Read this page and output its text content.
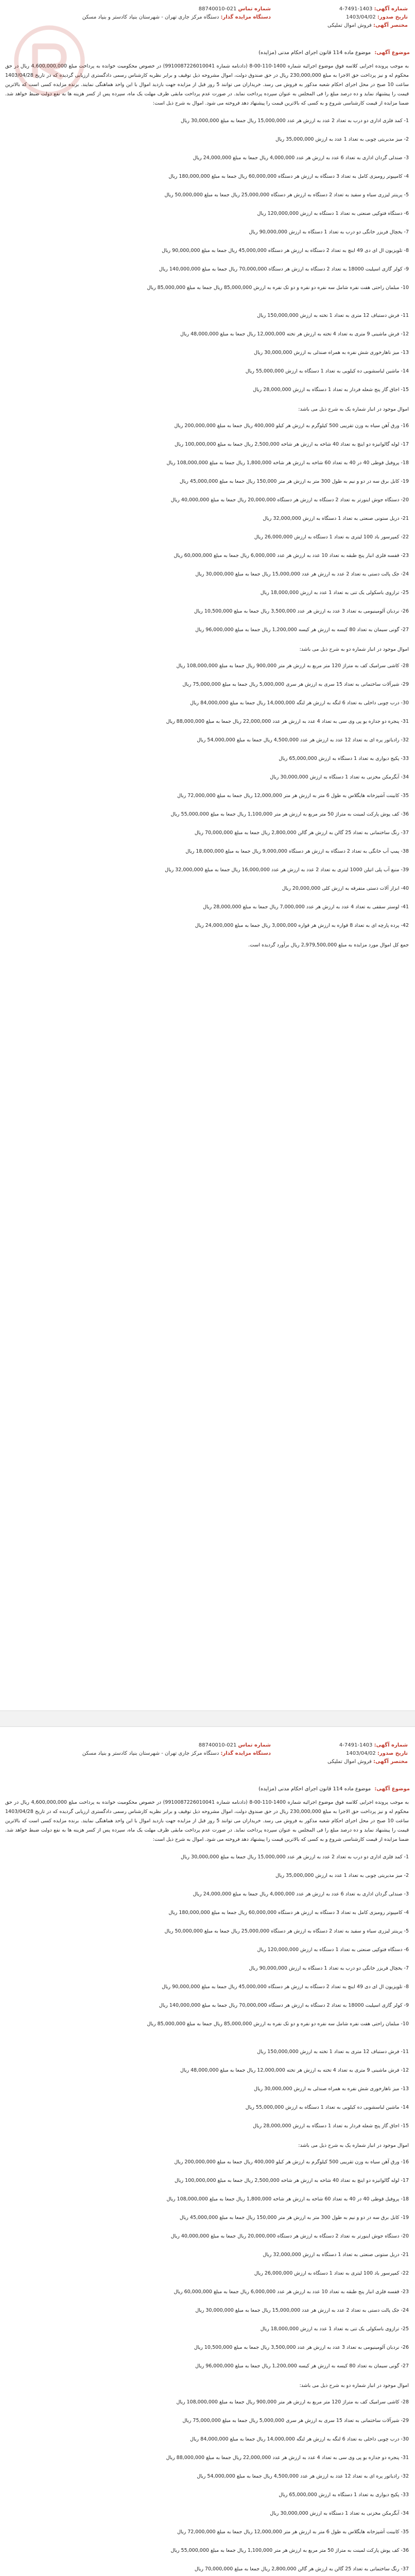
شماره آگهی: 1403-7491-4
تاریخ صدور: 1403/04/02
مختصر آگهی: فروش اموال تملیکی
شماره تماس 021-88740010
دستگاه مزایده گذار: دستگاه مرکز جاری تهران - شهرستان بنیاد کادستر و بنیاد مسکن
موضوع آگهی: موضوع ماده 114 قانون اجرای احکام مدنی (مزایده)
به موجب پرونده اجرایی کلاسه فوق موضوع اجرائیه شماره 1400-110-00-8 (دادنامه شماره 9910087226010041) در خصوص محکومیت خوانده به پرداخت مبلغ 4,600,000,000 ریال در حق محکوم له و نیز پرداخت حق الاجرا به مبلغ 230,000,000 ریال در حق صندوق دولت، اموال مشروحه ذیل توقیف و برابر نظریه کارشناس رسمی دادگستری ارزیابی گردیده که در تاریخ 1403/04/28 ساعت 10 صبح در محل اجرای احکام شعبه مذکور به فروش می رسد. خریداران می توانند 5 روز قبل از مزایده جهت بازدید اموال با این واحد هماهنگی نمایند. برنده مزایده کسی است که بالاترین قیمت را پیشنهاد نماید و ده درصد مبلغ را فی المجلس به عنوان سپرده پرداخت نماید. در صورت عدم پرداخت مابقی ظرف مهلت یک ماه، سپرده پس از کسر هزینه ها به نفع دولت ضبط خواهد شد. ضمنا مزایده از قیمت کارشناسی شروع و به کسی که بالاترین قیمت را پیشنهاد دهد فروخته می شود. اموال به شرح ذیل است:
1- کمد فلزی اداری دو درب به تعداد 2 عدد به ارزش هر عدد 15,000,000 ریال جمعا به مبلغ 30,000,000 ریال
2- میز مدیریتی چوبی به تعداد 1 عدد به ارزش 35,000,000 ریال
3- صندلی گردان اداری به تعداد 6 عدد به ارزش هر عدد 4,000,000 ریال جمعا به مبلغ 24,000,000 ریال
4- کامپیوتر رومیزی کامل به تعداد 3 دستگاه به ارزش هر دستگاه 60,000,000 ریال جمعا به مبلغ 180,000,000 ریال
5- پرینتر لیزری سیاه و سفید به تعداد 2 دستگاه به ارزش هر دستگاه 25,000,000 ریال جمعا به مبلغ 50,000,000 ریال
6- دستگاه فتوکپی صنعتی به تعداد 1 دستگاه به ارزش 120,000,000 ریال
7- یخچال فریزر خانگی دو درب به تعداد 1 دستگاه به ارزش 90,000,000 ریال
8- تلویزیون ال ای دی 49 اینچ به تعداد 2 دستگاه به ارزش هر دستگاه 45,000,000 ریال جمعا به مبلغ 90,000,000 ریال
9- کولر گازی اسپلیت 18000 به تعداد 2 دستگاه به ارزش هر دستگاه 70,000,000 ریال جمعا به مبلغ 140,000,000 ریال
10- مبلمان راحتی هفت نفره شامل سه نفره دو نفره و دو تک نفره به ارزش 85,000,000 ریال جمعا به مبلغ 85,000,000 ریال
11- فرش دستباف 12 متری به تعداد 1 تخته به ارزش 150,000,000 ریال
12- فرش ماشینی 9 متری به تعداد 4 تخته به ارزش هر تخته 12,000,000 ریال جمعا به مبلغ 48,000,000 ریال
13- میز ناهارخوری شش نفره به همراه صندلی به ارزش 30,000,000 ریال
14- ماشین لباسشویی ده کیلویی به تعداد 1 دستگاه به ارزش 55,000,000 ریال
15- اجاق گاز پنج شعله فردار به تعداد 1 دستگاه به ارزش 28,000,000 ریال
اموال موجود در انبار شماره یک به شرح ذیل می باشد:
16- ورق آهن سیاه به وزن تقریبی 500 کیلوگرم به ارزش هر کیلو 400,000 ریال جمعا به مبلغ 200,000,000 ریال
17- لوله گالوانیزه دو اینچ به تعداد 40 شاخه به ارزش هر شاخه 2,500,000 ریال جمعا به مبلغ 100,000,000 ریال
18- پروفیل قوطی 40 در 40 به تعداد 60 شاخه به ارزش هر شاخه 1,800,000 ریال جمعا به مبلغ 108,000,000 ریال
19- کابل برق سه در دو و نیم به طول 300 متر به ارزش هر متر 150,000 ریال جمعا به مبلغ 45,000,000 ریال
20- دستگاه جوش اینورتر به تعداد 2 دستگاه به ارزش هر دستگاه 20,000,000 ریال جمعا به مبلغ 40,000,000 ریال
21- دریل ستونی صنعتی به تعداد 1 دستگاه به ارزش 32,000,000 ریال
22- کمپرسور باد 100 لیتری به تعداد 1 دستگاه به ارزش 26,000,000 ریال
23- قفسه فلزی انبار پنج طبقه به تعداد 10 عدد به ارزش هر عدد 6,000,000 ریال جمعا به مبلغ 60,000,000 ریال
24- جک پالت دستی به تعداد 2 عدد به ارزش هر عدد 15,000,000 ریال جمعا به مبلغ 30,000,000 ریال
25- ترازوی باسکولی یک تنی به تعداد 1 عدد به ارزش 18,000,000 ریال
26- نردبان آلومینیومی به تعداد 3 عدد به ارزش هر عدد 3,500,000 ریال جمعا به مبلغ 10,500,000 ریال
27- گونی سیمان به تعداد 80 کیسه به ارزش هر کیسه 1,200,000 ریال جمعا به مبلغ 96,000,000 ریال
اموال موجود در انبار شماره دو به شرح ذیل می باشد:
28- کاشی سرامیک کف به متراژ 120 متر مربع به ارزش هر متر 900,000 ریال جمعا به مبلغ 108,000,000 ریال
29- شیرآلات ساختمانی به تعداد 15 سری به ارزش هر سری 5,000,000 ریال جمعا به مبلغ 75,000,000 ریال
30- درب چوبی داخلی به تعداد 6 لنگه به ارزش هر لنگه 14,000,000 ریال جمعا به مبلغ 84,000,000 ریال
31- پنجره دو جداره یو پی وی سی به تعداد 4 عدد به ارزش هر عدد 22,000,000 ریال جمعا به مبلغ 88,000,000 ریال
32- رادیاتور پره ای به تعداد 12 عدد به ارزش هر عدد 4,500,000 ریال جمعا به مبلغ 54,000,000 ریال
33- پکیج دیواری به تعداد 1 دستگاه به ارزش 65,000,000 ریال
34- آبگرمکن مخزنی به تعداد 1 دستگاه به ارزش 30,000,000 ریال
35- کابینت آشپزخانه هایگلاس به طول 6 متر به ارزش هر متر 12,000,000 ریال جمعا به مبلغ 72,000,000 ریال
36- کف پوش پارکت لمینت به متراژ 50 متر مربع به ارزش هر متر 1,100,000 ریال جمعا به مبلغ 55,000,000 ریال
37- رنگ ساختمانی به تعداد 25 گالن به ارزش هر گالن 2,800,000 ریال جمعا به مبلغ 70,000,000 ریال
38- پمپ آب خانگی به تعداد 2 دستگاه به ارزش هر دستگاه 9,000,000 ریال جمعا به مبلغ 18,000,000 ریال
39- منبع آب پلی اتیلن 1000 لیتری به تعداد 2 عدد به ارزش هر عدد 16,000,000 ریال جمعا به مبلغ 32,000,000 ریال
40- ابزار آلات دستی متفرقه به ارزش کلی 20,000,000 ریال
41- لوستر سقفی به تعداد 4 عدد به ارزش هر عدد 7,000,000 ریال جمعا به مبلغ 28,000,000 ریال
42- پرده پارچه ای به تعداد 8 قواره به ارزش هر قواره 3,000,000 ریال جمعا به مبلغ 24,000,000 ریال
جمع کل اموال مورد مزایده به مبلغ 2,979,500,000 ریال برآورد گردیده است.
شماره آگهی: 1403-7491-4
تاریخ صدور: 1403/04/02
مختصر آگهی: فروش اموال تملیکی
شماره تماس 021-88740010
دستگاه مزایده گذار: دستگاه مرکز جاری تهران - شهرستان بنیاد کادستر و بنیاد مسکن
موضوع آگهی: موضوع ماده 114 قانون اجرای احکام مدنی (مزایده)
به موجب پرونده اجرایی کلاسه فوق موضوع اجرائیه شماره 1400-110-00-8 (دادنامه شماره 9910087226010041) در خصوص محکومیت خوانده به پرداخت مبلغ 4,600,000,000 ریال در حق محکوم له و نیز پرداخت حق الاجرا به مبلغ 230,000,000 ریال در حق صندوق دولت، اموال مشروحه ذیل توقیف و برابر نظریه کارشناس رسمی دادگستری ارزیابی گردیده که در تاریخ 1403/04/28 ساعت 10 صبح در محل اجرای احکام شعبه مذکور به فروش می رسد. خریداران می توانند 5 روز قبل از مزایده جهت بازدید اموال با این واحد هماهنگی نمایند. برنده مزایده کسی است که بالاترین قیمت را پیشنهاد نماید و ده درصد مبلغ را فی المجلس به عنوان سپرده پرداخت نماید. در صورت عدم پرداخت مابقی ظرف مهلت یک ماه، سپرده پس از کسر هزینه ها به نفع دولت ضبط خواهد شد. ضمنا مزایده از قیمت کارشناسی شروع و به کسی که بالاترین قیمت را پیشنهاد دهد فروخته می شود. اموال به شرح ذیل است:
1- کمد فلزی اداری دو درب به تعداد 2 عدد به ارزش هر عدد 15,000,000 ریال جمعا به مبلغ 30,000,000 ریال
2- میز مدیریتی چوبی به تعداد 1 عدد به ارزش 35,000,000 ریال
3- صندلی گردان اداری به تعداد 6 عدد به ارزش هر عدد 4,000,000 ریال جمعا به مبلغ 24,000,000 ریال
4- کامپیوتر رومیزی کامل به تعداد 3 دستگاه به ارزش هر دستگاه 60,000,000 ریال جمعا به مبلغ 180,000,000 ریال
5- پرینتر لیزری سیاه و سفید به تعداد 2 دستگاه به ارزش هر دستگاه 25,000,000 ریال جمعا به مبلغ 50,000,000 ریال
6- دستگاه فتوکپی صنعتی به تعداد 1 دستگاه به ارزش 120,000,000 ریال
7- یخچال فریزر خانگی دو درب به تعداد 1 دستگاه به ارزش 90,000,000 ریال
8- تلویزیون ال ای دی 49 اینچ به تعداد 2 دستگاه به ارزش هر دستگاه 45,000,000 ریال جمعا به مبلغ 90,000,000 ریال
9- کولر گازی اسپلیت 18000 به تعداد 2 دستگاه به ارزش هر دستگاه 70,000,000 ریال جمعا به مبلغ 140,000,000 ریال
10- مبلمان راحتی هفت نفره شامل سه نفره دو نفره و دو تک نفره به ارزش 85,000,000 ریال جمعا به مبلغ 85,000,000 ریال
11- فرش دستباف 12 متری به تعداد 1 تخته به ارزش 150,000,000 ریال
12- فرش ماشینی 9 متری به تعداد 4 تخته به ارزش هر تخته 12,000,000 ریال جمعا به مبلغ 48,000,000 ریال
13- میز ناهارخوری شش نفره به همراه صندلی به ارزش 30,000,000 ریال
14- ماشین لباسشویی ده کیلویی به تعداد 1 دستگاه به ارزش 55,000,000 ریال
15- اجاق گاز پنج شعله فردار به تعداد 1 دستگاه به ارزش 28,000,000 ریال
اموال موجود در انبار شماره یک به شرح ذیل می باشد:
16- ورق آهن سیاه به وزن تقریبی 500 کیلوگرم به ارزش هر کیلو 400,000 ریال جمعا به مبلغ 200,000,000 ریال
17- لوله گالوانیزه دو اینچ به تعداد 40 شاخه به ارزش هر شاخه 2,500,000 ریال جمعا به مبلغ 100,000,000 ریال
18- پروفیل قوطی 40 در 40 به تعداد 60 شاخه به ارزش هر شاخه 1,800,000 ریال جمعا به مبلغ 108,000,000 ریال
19- کابل برق سه در دو و نیم به طول 300 متر به ارزش هر متر 150,000 ریال جمعا به مبلغ 45,000,000 ریال
20- دستگاه جوش اینورتر به تعداد 2 دستگاه به ارزش هر دستگاه 20,000,000 ریال جمعا به مبلغ 40,000,000 ریال
21- دریل ستونی صنعتی به تعداد 1 دستگاه به ارزش 32,000,000 ریال
22- کمپرسور باد 100 لیتری به تعداد 1 دستگاه به ارزش 26,000,000 ریال
23- قفسه فلزی انبار پنج طبقه به تعداد 10 عدد به ارزش هر عدد 6,000,000 ریال جمعا به مبلغ 60,000,000 ریال
24- جک پالت دستی به تعداد 2 عدد به ارزش هر عدد 15,000,000 ریال جمعا به مبلغ 30,000,000 ریال
25- ترازوی باسکولی یک تنی به تعداد 1 عدد به ارزش 18,000,000 ریال
26- نردبان آلومینیومی به تعداد 3 عدد به ارزش هر عدد 3,500,000 ریال جمعا به مبلغ 10,500,000 ریال
27- گونی سیمان به تعداد 80 کیسه به ارزش هر کیسه 1,200,000 ریال جمعا به مبلغ 96,000,000 ریال
اموال موجود در انبار شماره دو به شرح ذیل می باشد:
28- کاشی سرامیک کف به متراژ 120 متر مربع به ارزش هر متر 900,000 ریال جمعا به مبلغ 108,000,000 ریال
29- شیرآلات ساختمانی به تعداد 15 سری به ارزش هر سری 5,000,000 ریال جمعا به مبلغ 75,000,000 ریال
30- درب چوبی داخلی به تعداد 6 لنگه به ارزش هر لنگه 14,000,000 ریال جمعا به مبلغ 84,000,000 ریال
31- پنجره دو جداره یو پی وی سی به تعداد 4 عدد به ارزش هر عدد 22,000,000 ریال جمعا به مبلغ 88,000,000 ریال
32- رادیاتور پره ای به تعداد 12 عدد به ارزش هر عدد 4,500,000 ریال جمعا به مبلغ 54,000,000 ریال
33- پکیج دیواری به تعداد 1 دستگاه به ارزش 65,000,000 ریال
34- آبگرمکن مخزنی به تعداد 1 دستگاه به ارزش 30,000,000 ریال
35- کابینت آشپزخانه هایگلاس به طول 6 متر به ارزش هر متر 12,000,000 ریال جمعا به مبلغ 72,000,000 ریال
36- کف پوش پارکت لمینت به متراژ 50 متر مربع به ارزش هر متر 1,100,000 ریال جمعا به مبلغ 55,000,000 ریال
37- رنگ ساختمانی به تعداد 25 گالن به ارزش هر گالن 2,800,000 ریال جمعا به مبلغ 70,000,000 ریال
